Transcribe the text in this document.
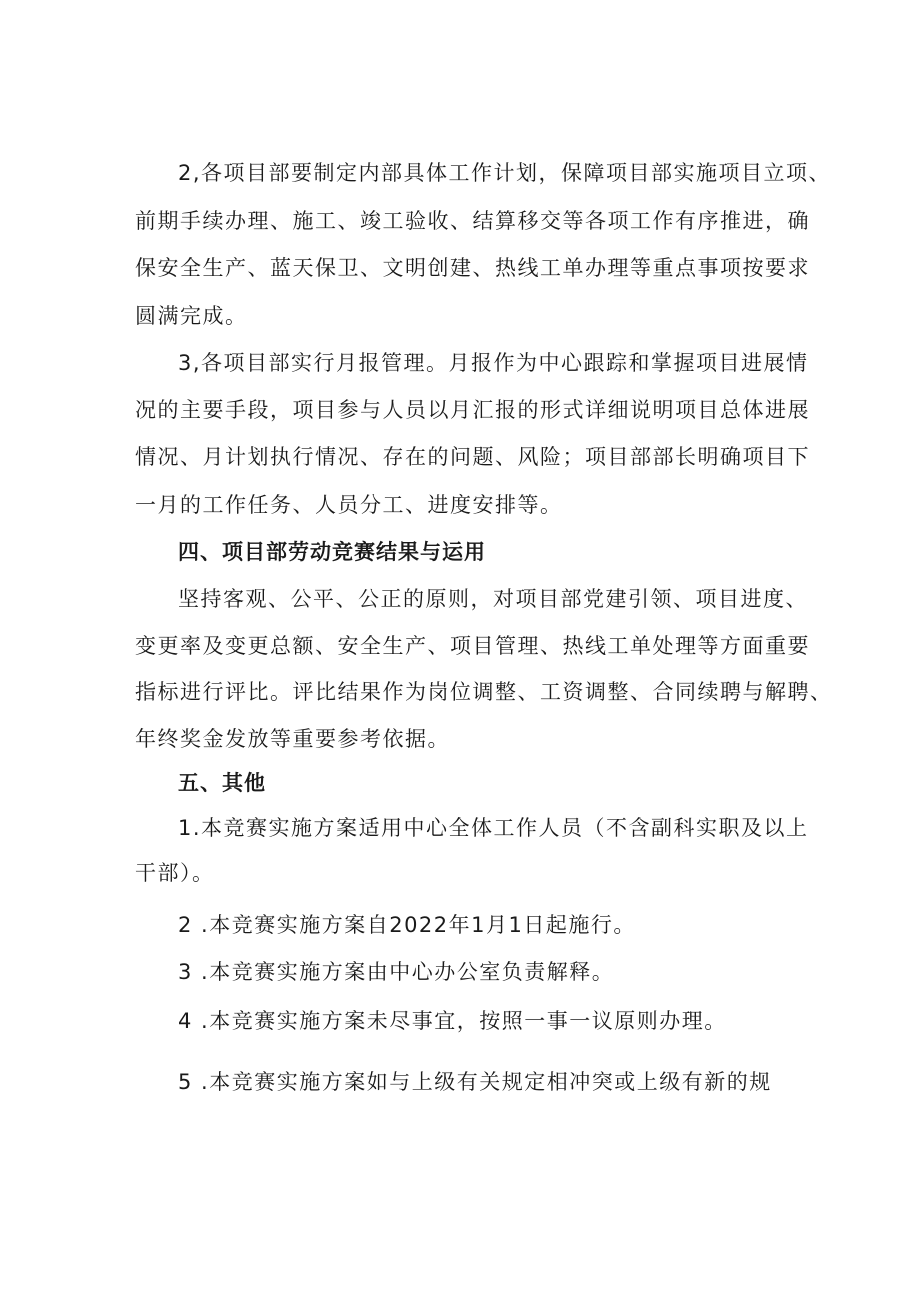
2,各项目部要制定内部具体工作计划，保障项目部实施项目立项、
前期手续办理、施工、竣工验收、结算移交等各项工作有序推进，确
保安全生产、蓝天保卫、文明创建、热线工单办理等重点事项按要求
圆满完成。
3,各项目部实行月报管理。月报作为中心跟踪和掌握项目进展情
况的主要手段，项目参与人员以月汇报的形式详细说明项目总体进展
情况、月计划执行情况、存在的问题、风险；项目部部长明确项目下
一月的工作任务、人员分工、进度安排等。
四、项目部劳动竞赛结果与运用
坚持客观、公平、公正的原则，对项目部党建引领、项目进度、
变更率及变更总额、安全生产、项目管理、热线工单处理等方面重要
指标进行评比。评比结果作为岗位调整、工资调整、合同续聘与解聘、
年终奖金发放等重要参考依据。
五、其他
1.本竞赛实施方案适用中心全体工作人员（不含副科实职及以上
干部）。
2 .本竞赛实施方案自2022年1月1日起施行。
3 .本竞赛实施方案由中心办公室负责解释。
4 .本竞赛实施方案未尽事宜，按照一事一议原则办理。
5 .本竞赛实施方案如与上级有关规定相冲突或上级有新的规
